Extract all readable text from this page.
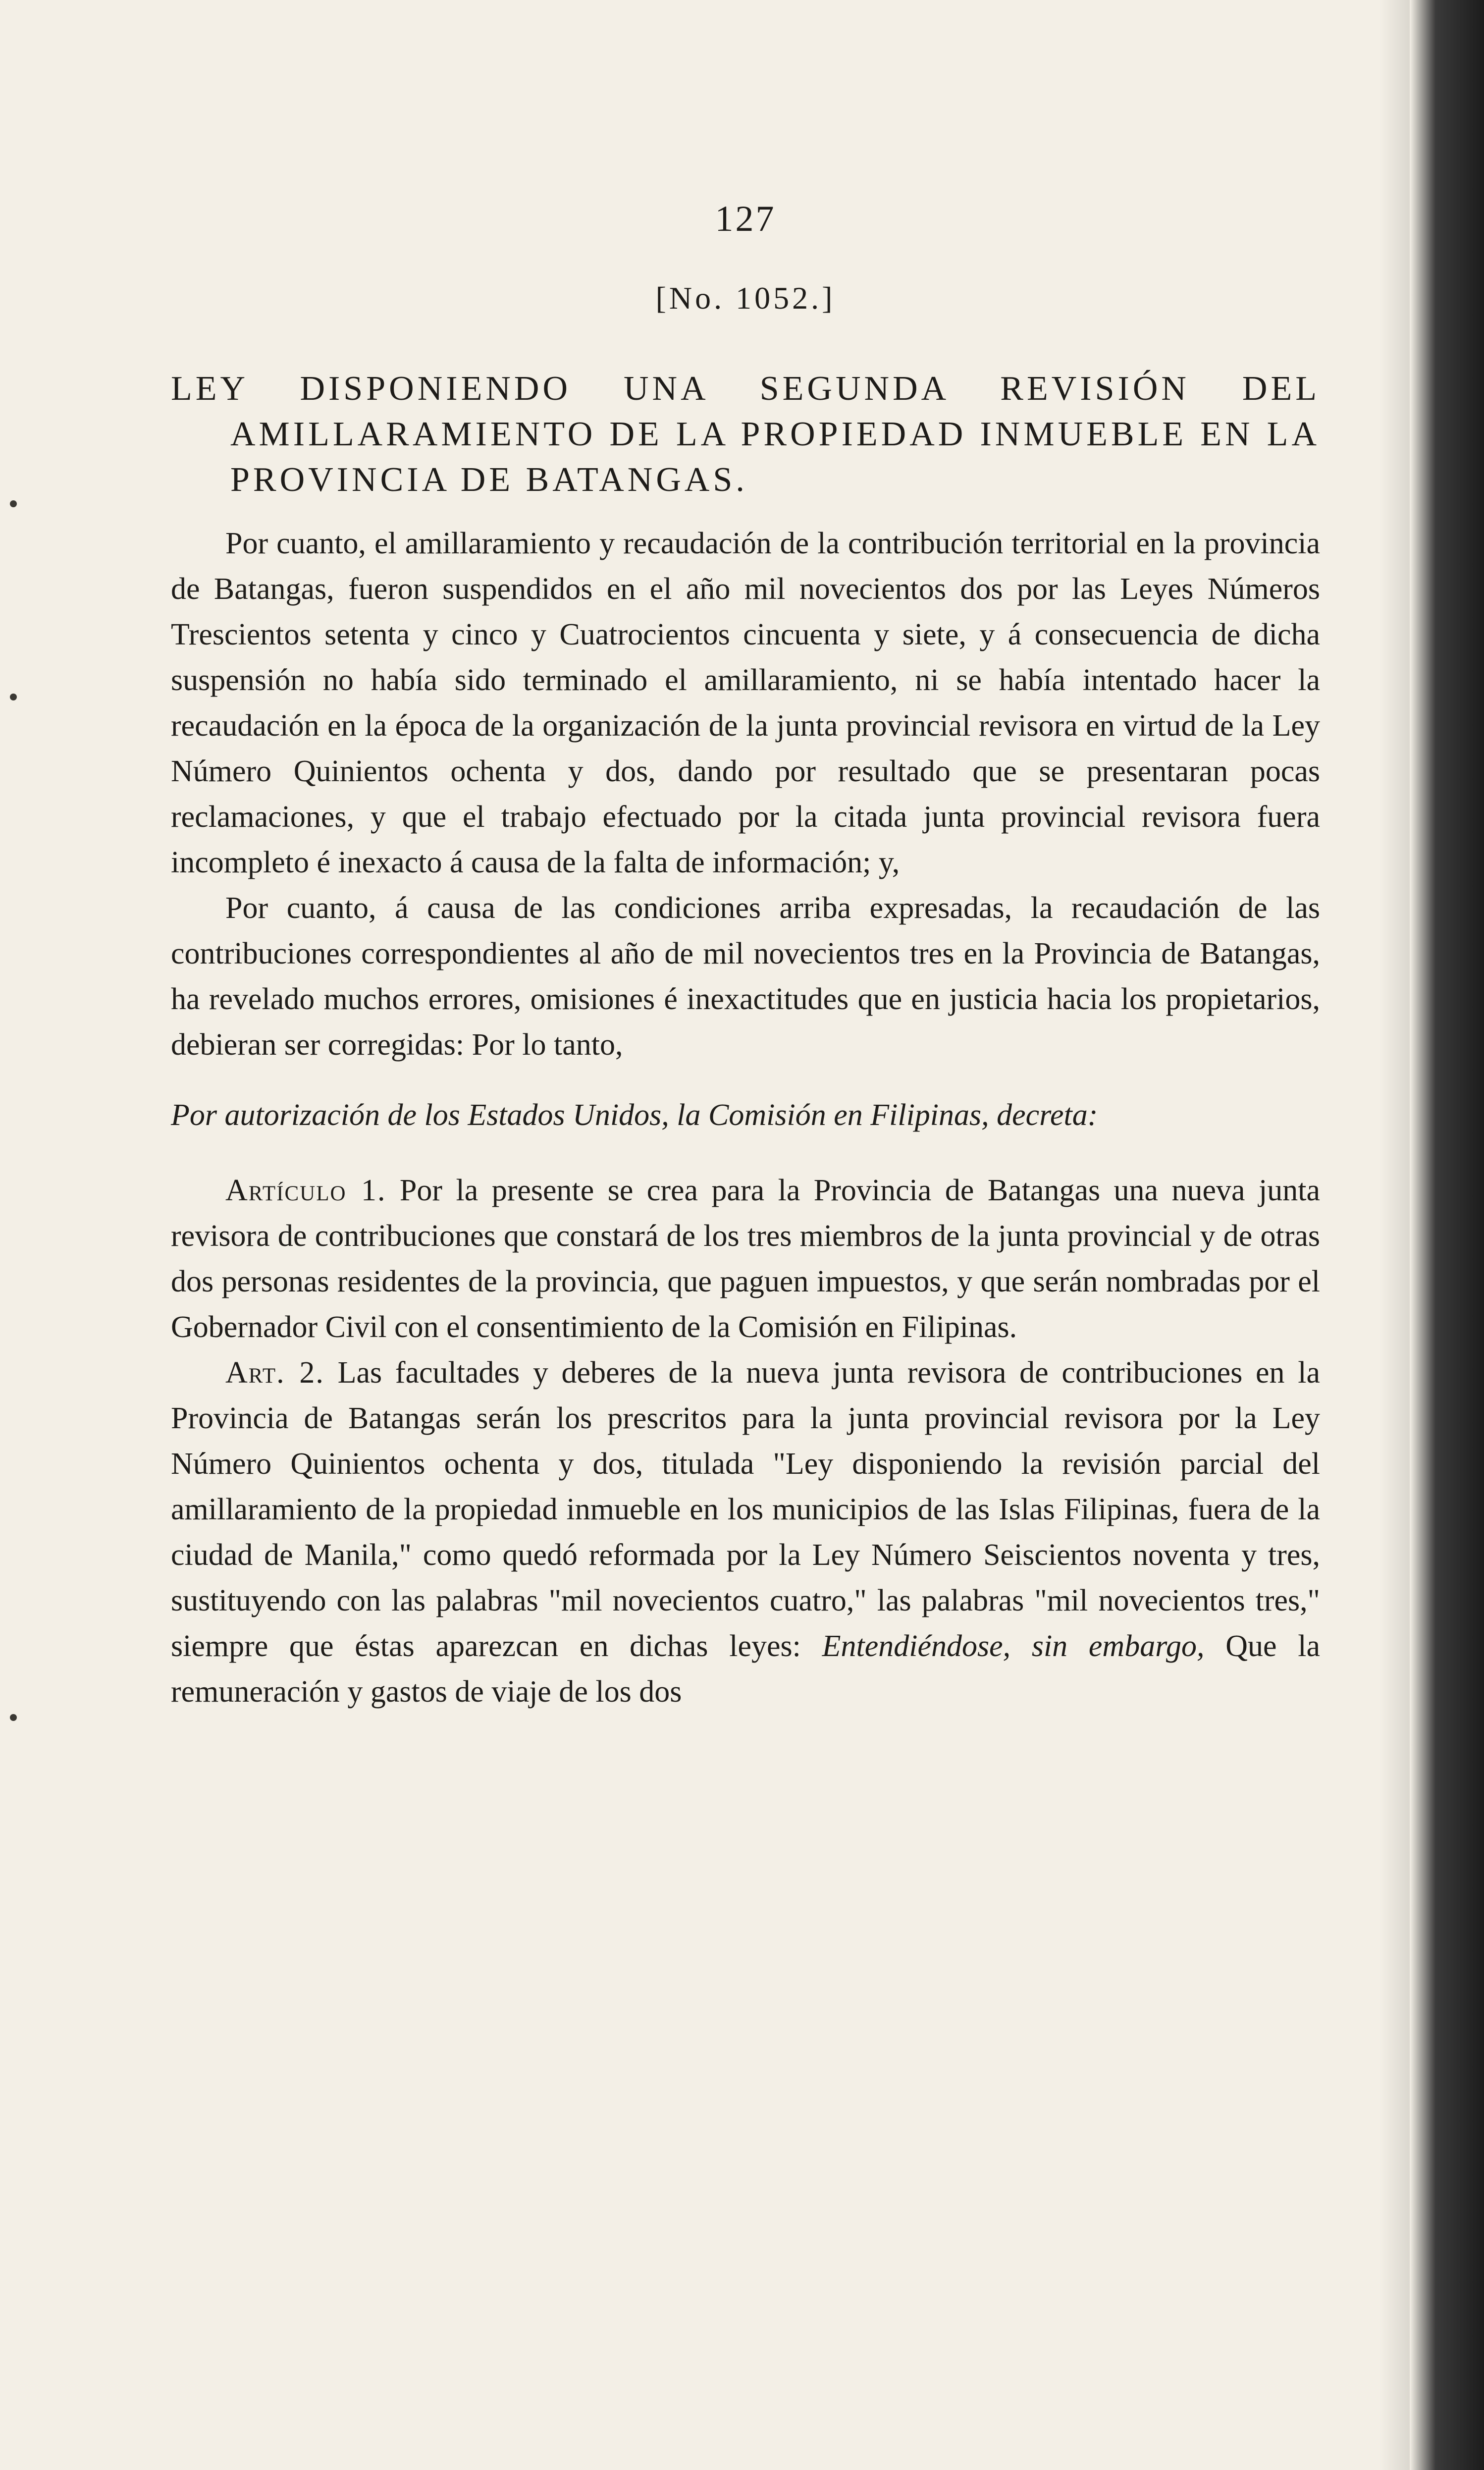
127
[No. 1052.]
LEY DISPONIENDO UNA SEGUNDA REVISIÓN DEL AMILLARAMIENTO DE LA PROPIEDAD INMUEBLE EN LA PROVINCIA DE BATANGAS.

Por cuanto, el amillaramiento y recaudación de la contribución territorial en la provincia de Batangas, fueron suspendidos en el año mil novecientos dos por las Leyes Números Trescientos setenta y cinco y Cuatrocientos cincuenta y siete, y á consecuencia de dicha suspensión no había sido terminado el amillaramiento, ni se había intentado hacer la recaudación en la época de la organización de la junta provincial revisora en virtud de la Ley Número Quinientos ochenta y dos, dando por resultado que se presentaran pocas reclamaciones, y que el trabajo efectuado por la citada junta provincial revisora fuera incompleto é inexacto á causa de la falta de información; y,

Por cuanto, á causa de las condiciones arriba expresadas, la recaudación de las contribuciones correspondientes al año de mil novecientos tres en la Provincia de Batangas, ha revelado muchos errores, omisiones é inexactitudes que en justicia hacia los propietarios, debieran ser corregidas: Por lo tanto,

Por autorización de los Estados Unidos, la Comisión en Filipinas, decreta:

Artículo 1. Por la presente se crea para la Provincia de Batangas una nueva junta revisora de contribuciones que constará de los tres miembros de la junta provincial y de otras dos personas residentes de la provincia, que paguen impuestos, y que serán nombradas por el Gobernador Civil con el consentimiento de la Comisión en Filipinas.

Art. 2. Las facultades y deberes de la nueva junta revisora de contribuciones en la Provincia de Batangas serán los prescritos para la junta provincial revisora por la Ley Número Quinientos ochenta y dos, titulada "Ley disponiendo la revisión parcial del amillaramiento de la propiedad inmueble en los municipios de las Islas Filipinas, fuera de la ciudad de Manila," como quedó reformada por la Ley Número Seiscientos noventa y tres, sustituyendo con las palabras "mil novecientos cuatro," las palabras "mil novecientos tres," siempre que éstas aparezcan en dichas leyes: Entendiéndose, sin embargo, Que la remuneración y gastos de viaje de los dos
